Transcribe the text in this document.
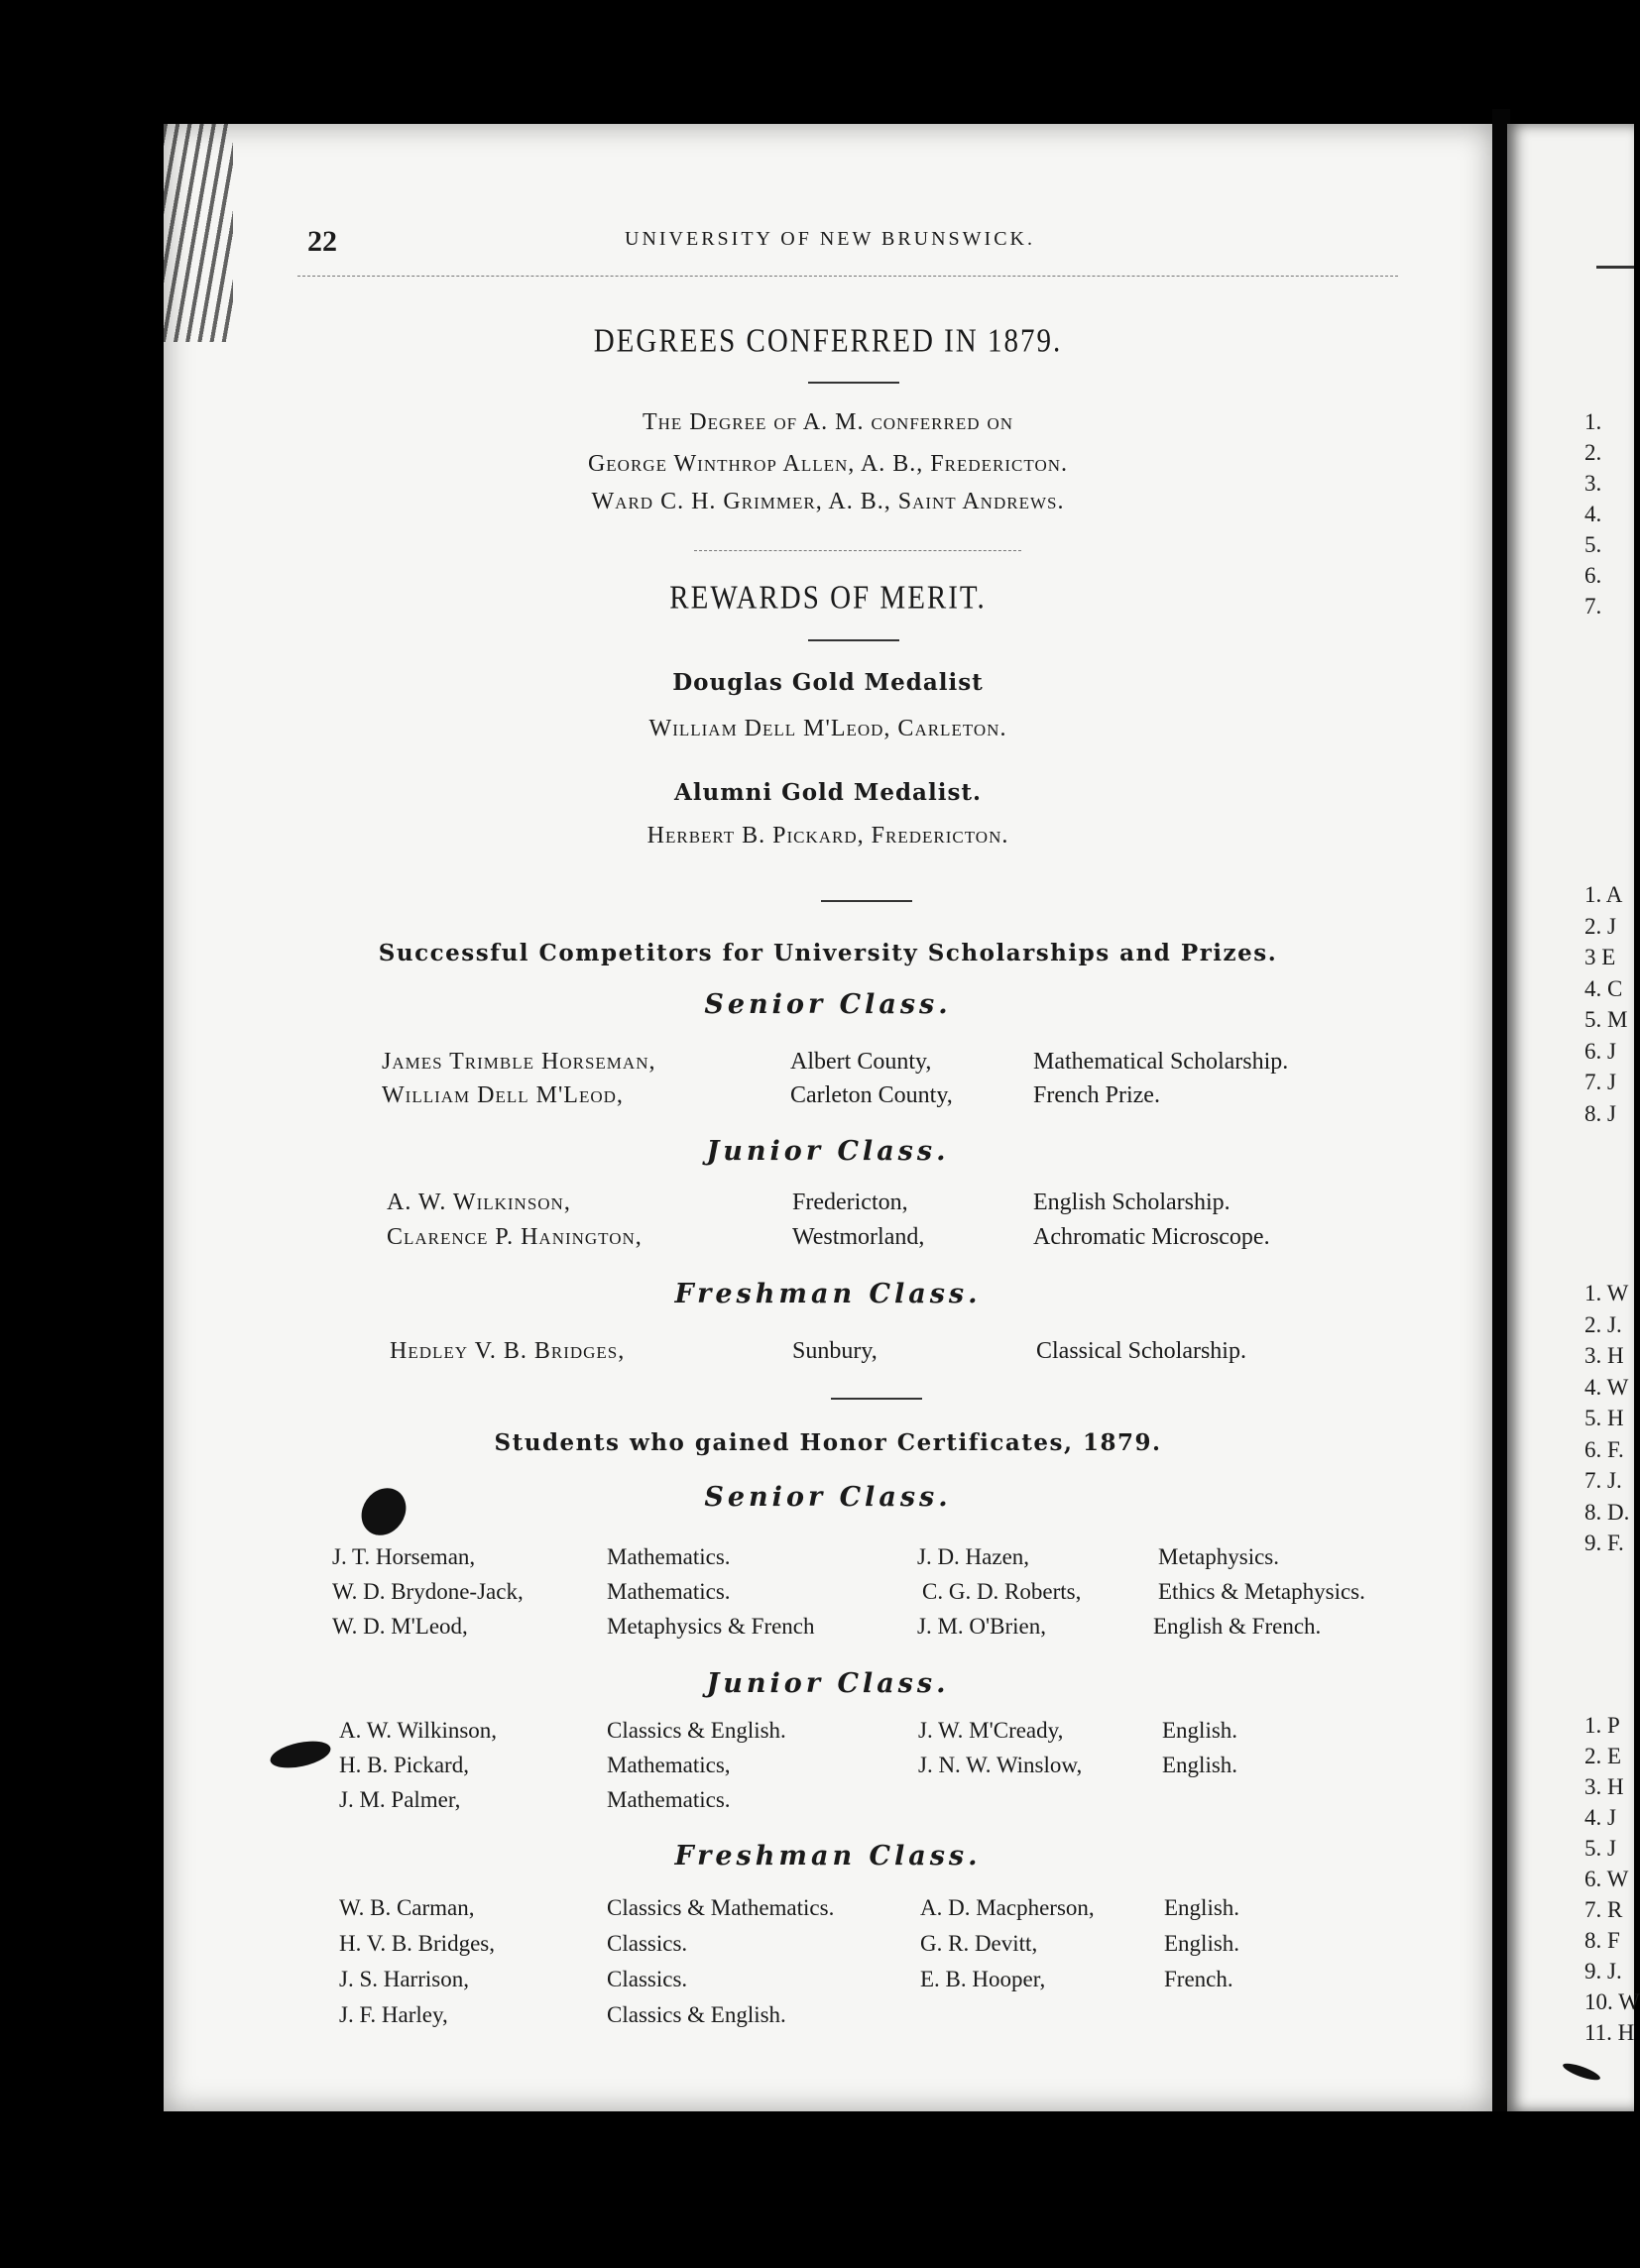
22	UNIVERSITY OF NEW BRUNSWICK.
DEGREES CONFERRED IN 1879.
The Degree of A. M. conferred on
George Winthrop Allen, A. B., Fredericton.
Ward C. H. Grimmer, A. B., Saint Andrews.
REWARDS OF MERIT.
Douglas Gold Medalist
William Dell M'Leod, Carleton.
Alumni Gold Medalist.
Herbert B. Pickard, Fredericton.
Successful Competitors for University Scholarships and Prizes.
Senior Class.
James Trimble Horseman,	Albert County,	Mathematical Scholarship.
William Dell M'Leod,	Carleton County,	French Prize.
Junior Class.
A. W. Wilkinson,	Fredericton,	English Scholarship.
Clarence P. Hanington,	Westmorland,	Achromatic Microscope.
Freshman Class.
Hedley V. B. Bridges,	Sunbury,	Classical Scholarship.
Students who gained Honor Certificates, 1879.
Senior Class.
J. T. Horseman,	Mathematics.	J. D. Hazen,	Metaphysics.
W. D. Brydone-Jack,	Mathematics.	C. G. D. Roberts,	Ethics & Metaphysics.
W. D. M'Leod,	Metaphysics & French	J. M. O'Brien,	English & French.
Junior Class.
A. W. Wilkinson,	Classics & English.	J. W. M'Cready,	English.
H. B. Pickard,	Mathematics,	J. N. W. Winslow,	English.
J. M. Palmer,	Mathematics.
Freshman Class.
W. B. Carman,	Classics & Mathematics.	A. D. Macpherson,	English.
H. V. B. Bridges,	Classics.	G. R. Devitt,	English.
J. S. Harrison,	Classics.	E. B. Hooper,	French.
J. F. Harley,	Classics & English.
1.
2.
3.
4.
5.
6.
7.
1. A
2. J
3 E
4. C
5. M
6. J
7. J
8. J
1. W
2. J.
3. H
4. W
5. H
6. F.
7. J.
8. D.
9. F.
1. P
2. E
3. H
4. J
5. J
6. W
7. R
8. F
9. J.
10. W
11. H
